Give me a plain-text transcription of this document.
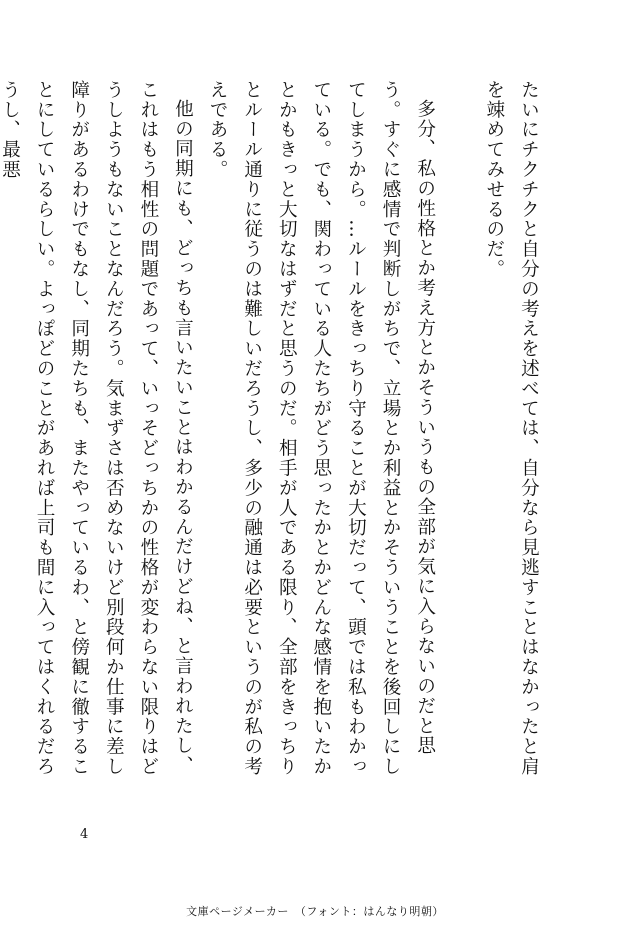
たいにチクチクと自分の考えを述べては、自分なら見逃すことはなかったと肩を竦めてみせるのだ。

多分、私の性格とか考え方とかそういうもの全部が気に入らないのだと思う。すぐに感情で判断しがちで、立場とか利益とかそういうことを後回しにしてしまうから。…ルールをきっちり守ることが大切だって、頭では私もわかっている。でも、関わっている人たちがどう思ったかとかどんな感情を抱いたかとかもきっと大切なはずだと思うのだ。相手が人である限り、全部をきっちりとルール通りに従うのは難しいだろうし、多少の融通は必要というのが私の考えである。

他の同期にも、どっちも言いたいことはわかるんだけどね、と言われたし、これはもう相性の問題であって、いっそどっちかの性格が変わらない限りはどうしようもないことなんだろう。気まずさは否めないけど別段何か仕事に差し障りがあるわけでもなし、同期たちも、またやっているわ、と傍観に徹することにしているらしい。よっぽどのことがあれば上司も間に入ってはくれるだろうし、最悪

4
文庫ページメーカー　（フォント：はんなり明朝）
